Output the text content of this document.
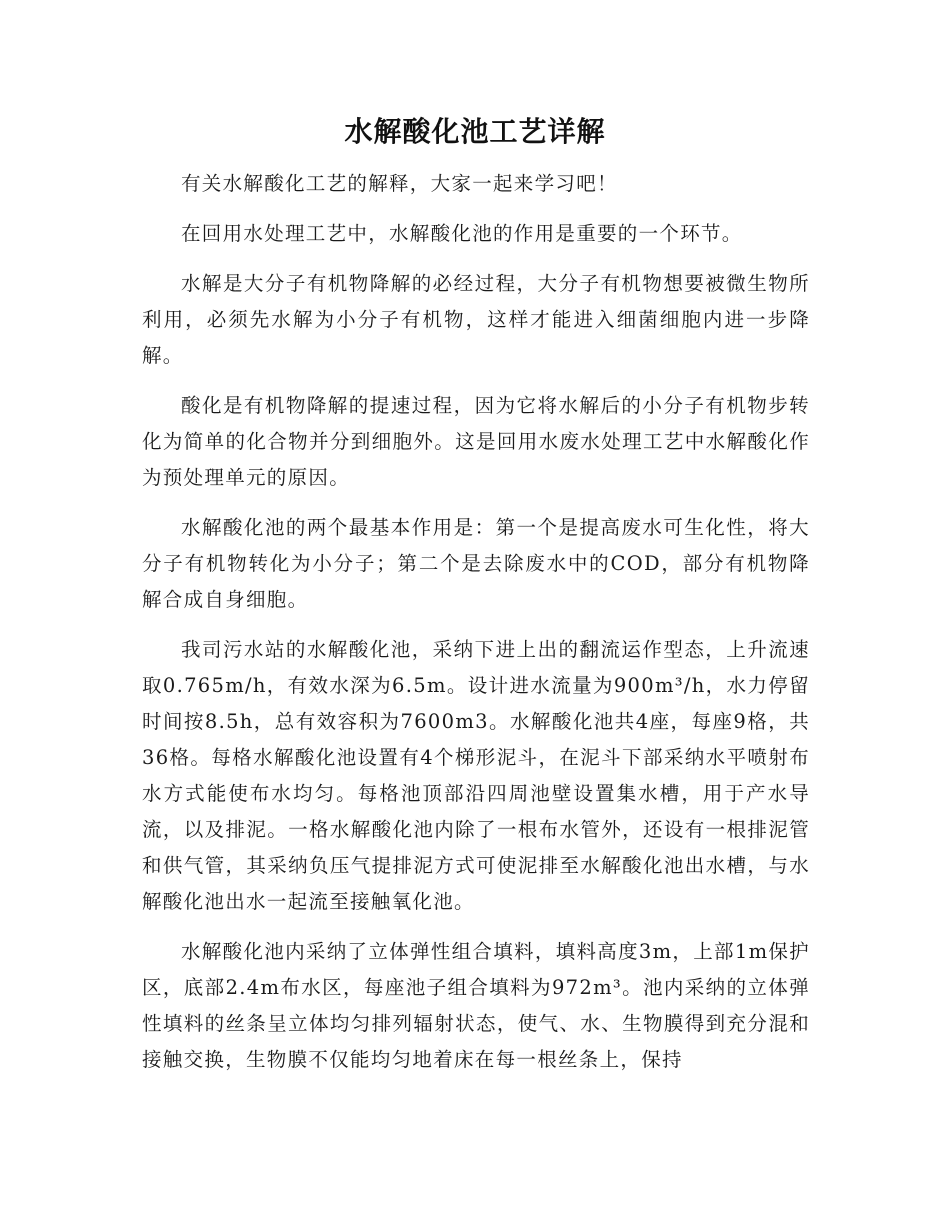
水解酸化池工艺详解

有关水解酸化工艺的解释，大家一起来学习吧！

在回用水处理工艺中，水解酸化池的作用是重要的一个环节。

水解是大分子有机物降解的必经过程，大分子有机物想要被微生物所利用，必须先水解为小分子有机物，这样才能进入细菌细胞内进一步降解。

酸化是有机物降解的提速过程，因为它将水解后的小分子有机物步转化为简单的化合物并分到细胞外。这是回用水废水处理工艺中水解酸化作为预处理单元的原因。

水解酸化池的两个最基本作用是：第一个是提高废水可生化性，将大分子有机物转化为小分子；第二个是去除废水中的COD，部分有机物降解合成自身细胞。

我司污水站的水解酸化池，采纳下进上出的翻流运作型态，上升流速取0.765m/h，有效水深为6.5m。设计进水流量为900m³/h，水力停留时间按8.5h，总有效容积为7600m3。水解酸化池共4座，每座9格，共36格。每格水解酸化池设置有4个梯形泥斗，在泥斗下部采纳水平喷射布水方式能使布水均匀。每格池顶部沿四周池壁设置集水槽，用于产水导流，以及排泥。一格水解酸化池内除了一根布水管外，还设有一根排泥管和供气管，其采纳负压气提排泥方式可使泥排至水解酸化池出水槽，与水解酸化池出水一起流至接触氧化池。

水解酸化池内采纳了立体弹性组合填料，填料高度3m，上部1m保护区，底部2.4m布水区，每座池子组合填料为972m³。池内采纳的立体弹性填料的丝条呈立体均匀排列辐射状态，使气、水、生物膜得到充分混和接触交换，生物膜不仅能均匀地着床在每一根丝条上，保持
